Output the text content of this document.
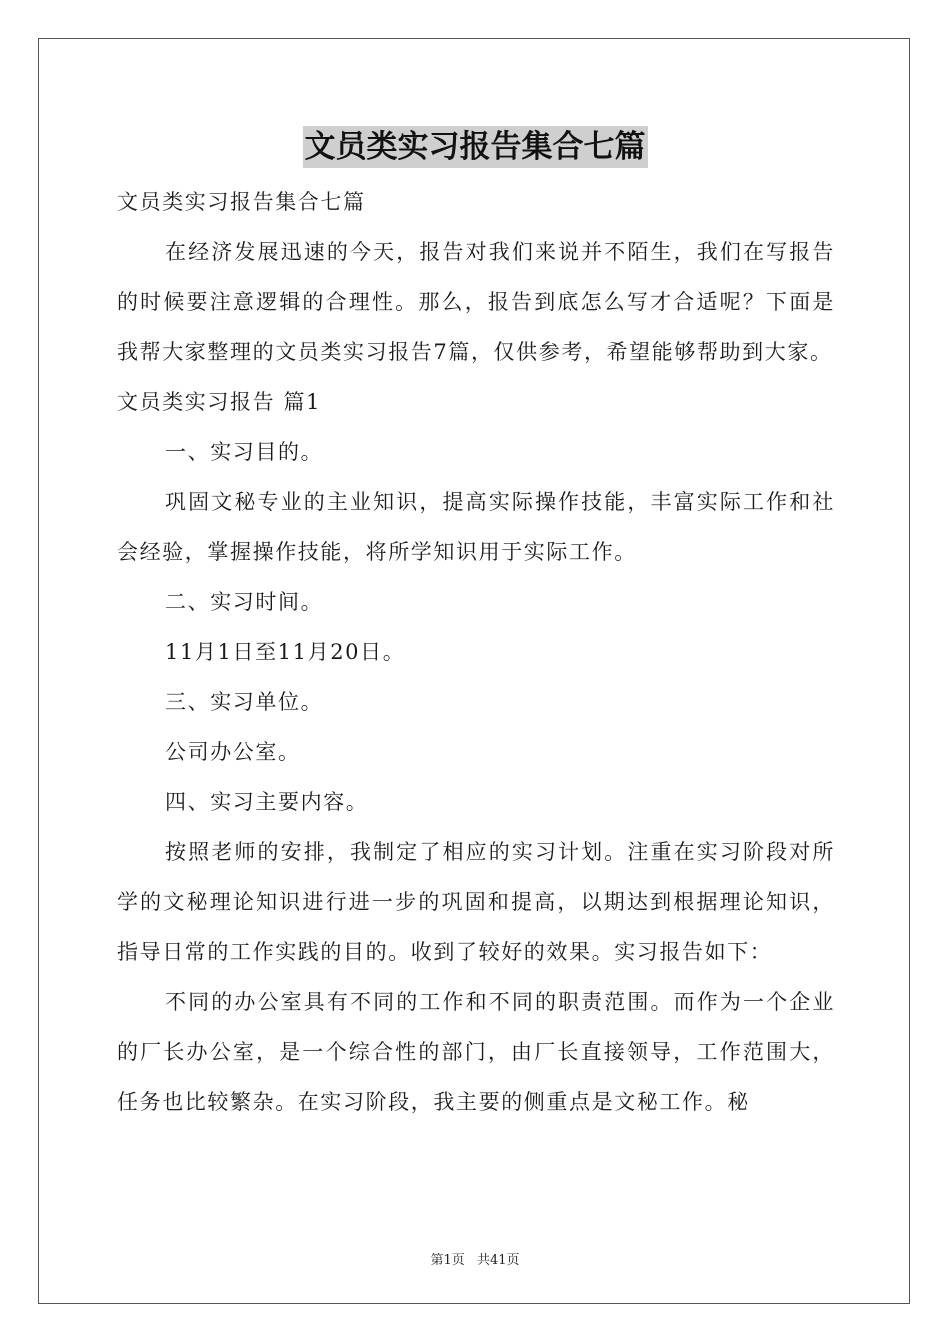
文员类实习报告集合七篇
文员类实习报告集合七篇

在经济发展迅速的今天，报告对我们来说并不陌生，我们在写报告的时候要注意逻辑的合理性。那么，报告到底怎么写才合适呢？下面是我帮大家整理的文员类实习报告7篇，仅供参考，希望能够帮助到大家。

文员类实习报告 篇1
一、实习目的。

巩固文秘专业的主业知识，提高实际操作技能，丰富实际工作和社会经验，掌握操作技能，将所学知识用于实际工作。

二、实习时间。
11月1日至11月20日。
三、实习单位。
公司办公室。
四、实习主要内容。

按照老师的安排，我制定了相应的实习计划。注重在实习阶段对所学的文秘理论知识进行进一步的巩固和提高，以期达到根据理论知识，指导日常的工作实践的目的。收到了较好的效果。实习报告如下：

不同的办公室具有不同的工作和不同的职责范围。而作为一个企业的厂长办公室，是一个综合性的部门，由厂长直接领导，工作范围大，任务也比较繁杂。在实习阶段，我主要的侧重点是文秘工作。秘

第1页 共41页
